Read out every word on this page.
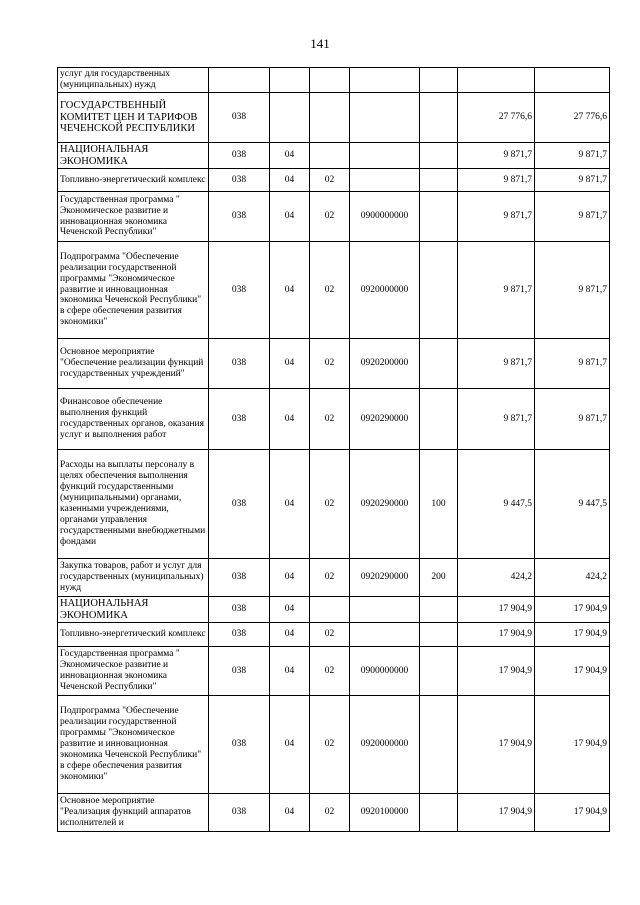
141
услуг для государственных (муниципальных) нужд							
ГОСУДАРСТВЕННЫЙ КОМИТЕТ ЦЕН И ТАРИФОВ ЧЕЧЕНСКОЙ РЕСПУБЛИКИ	038					27 776,6	27 776,6
НАЦИОНАЛЬНАЯ ЭКОНОМИКА	038	04				9 871,7	9 871,7
Топливно-энергетический комплекс	038	04	02			9 871,7	9 871,7
Государственная программа " Экономическое развитие и инновационная экономика Чеченской Республики"	038	04	02	0900000000		9 871,7	9 871,7
Подпрограмма "Обеспечение реализации государственной программы "Экономическое развитие и инновационная экономика Чеченской Республики" в сфере обеспечения развития экономики"	038	04	02	0920000000		9 871,7	9 871,7
Основное мероприятие "Обеспечение реализации функций государственных учреждений"	038	04	02	0920200000		9 871,7	9 871,7
Финансовое обеспечение выполнения функций государственных органов, оказания услуг и выполнения работ	038	04	02	0920290000		9 871,7	9 871,7
Расходы на выплаты персоналу в целях обеспечения выполнения функций государственными (муниципальными) органами, казенными учреждениями, органами управления государственными внебюджетными фондами	038	04	02	0920290000	100	9 447,5	9 447,5
Закупка товаров, работ и услуг для государственных (муниципальных) нужд	038	04	02	0920290000	200	424,2	424,2
НАЦИОНАЛЬНАЯ ЭКОНОМИКА	038	04				17 904,9	17 904,9
Топливно-энергетический комплекс	038	04	02			17 904,9	17 904,9
Государственная программа " Экономическое развитие и инновационная экономика Чеченской Республики"	038	04	02	0900000000		17 904,9	17 904,9
Подпрограмма "Обеспечение реализации государственной программы "Экономическое развитие и инновационная экономика Чеченской Республики" в сфере обеспечения развития экономики"	038	04	02	0920000000		17 904,9	17 904,9
Основное мероприятие "Реализация функций аппаратов исполнителей и	038	04	02	0920100000		17 904,9	17 904,9
